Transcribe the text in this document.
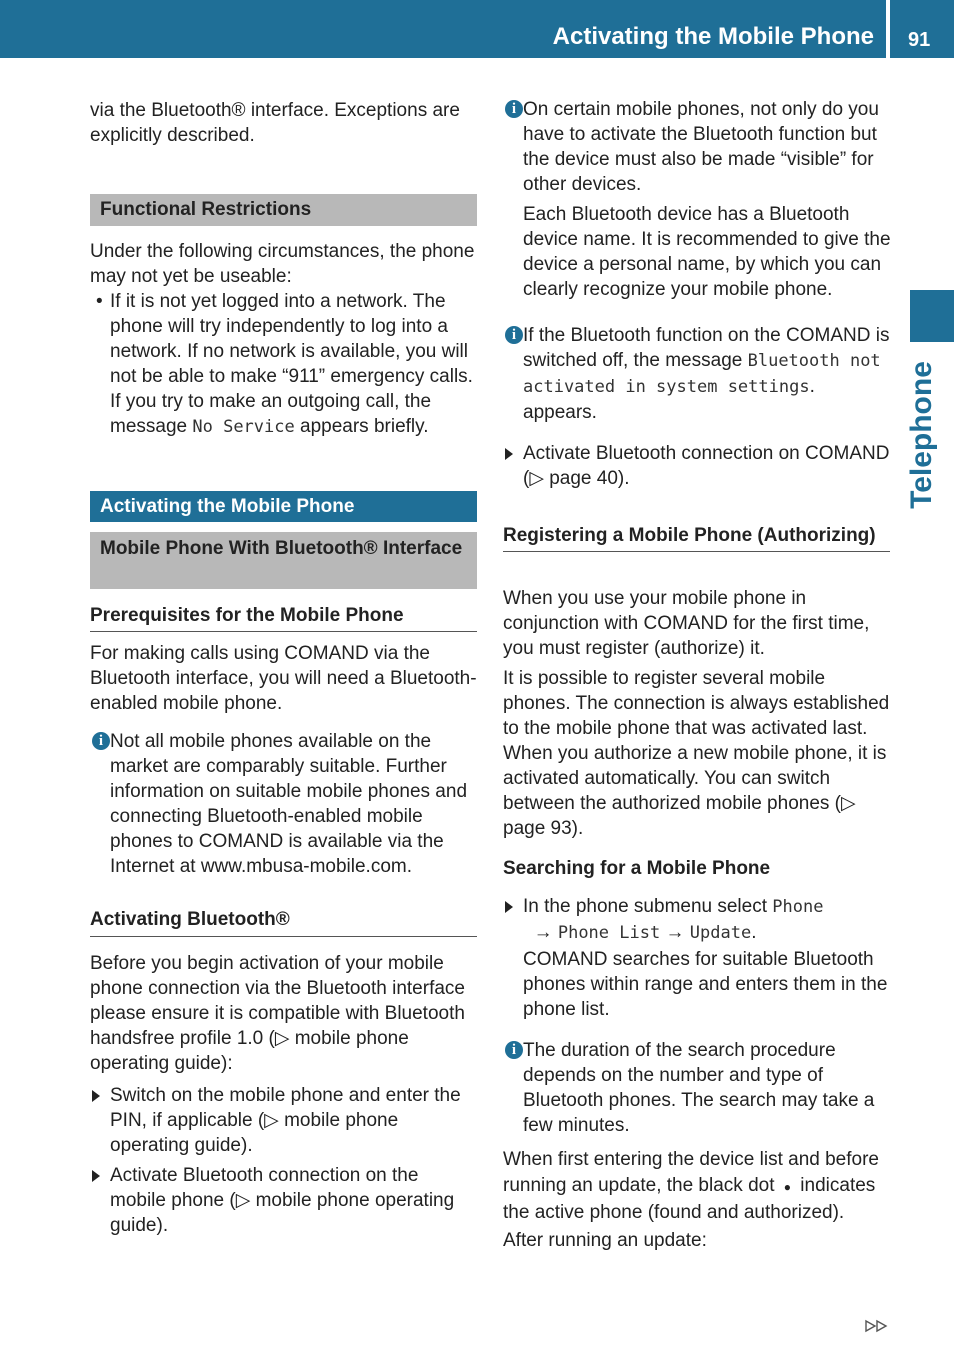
Activating the Mobile Phone 91
Telephone

via the Bluetooth® interface. Exceptions are explicitly described.

Functional Restrictions

Under the following circumstances, the phone may not yet be useable:

• If it is not yet logged into a network. The phone will try independently to log into a network. If no network is available, you will not be able to make “911” emergency calls. If you try to make an outgoing call, the message No Service appears briefly.

Activating the Mobile Phone
Mobile Phone With Bluetooth® Interface
Prerequisites for the Mobile Phone

For making calls using COMAND via the Bluetooth interface, you will need a Bluetooth-enabled mobile phone.

i Not all mobile phones available on the market are comparably suitable. Further information on suitable mobile phones and connecting Bluetooth-enabled mobile phones to COMAND is available via the Internet at www.mbusa-mobile.com.

Activating Bluetooth®

Before you begin activation of your mobile phone connection via the Bluetooth interface please ensure it is compatible with Bluetooth handsfree profile 1.0 (▷ mobile phone operating guide):

Switch on the mobile phone and enter the PIN, if applicable (▷ mobile phone operating guide).

Activate Bluetooth connection on the mobile phone (▷ mobile phone operating guide).

i On certain mobile phones, not only do you have to activate the Bluetooth function but the device must also be made “visible” for other devices.

Each Bluetooth device has a Bluetooth device name. It is recommended to give the device a personal name, by which you can clearly recognize your mobile phone.

i If the Bluetooth function on the COMAND is switched off, the message Bluetooth not activated in system settings. appears.

Activate Bluetooth connection on COMAND (▷ page 40).

Registering a Mobile Phone (Authorizing)

When you use your mobile phone in conjunction with COMAND for the first time, you must register (authorize) it.

It is possible to register several mobile phones. The connection is always established to the mobile phone that was activated last. When you authorize a new mobile phone, it is activated automatically. You can switch between the authorized mobile phones (▷ page 93).

Searching for a Mobile Phone

In the phone submenu select Phone
→ Phone List → Update.

COMAND searches for suitable Bluetooth phones within range and enters them in the phone list.

i The duration of the search procedure depends on the number and type of Bluetooth phones. The search may take a few minutes.

When first entering the device list and before running an update, the black dot ● indicates the active phone (found and authorized).

After running an update:
